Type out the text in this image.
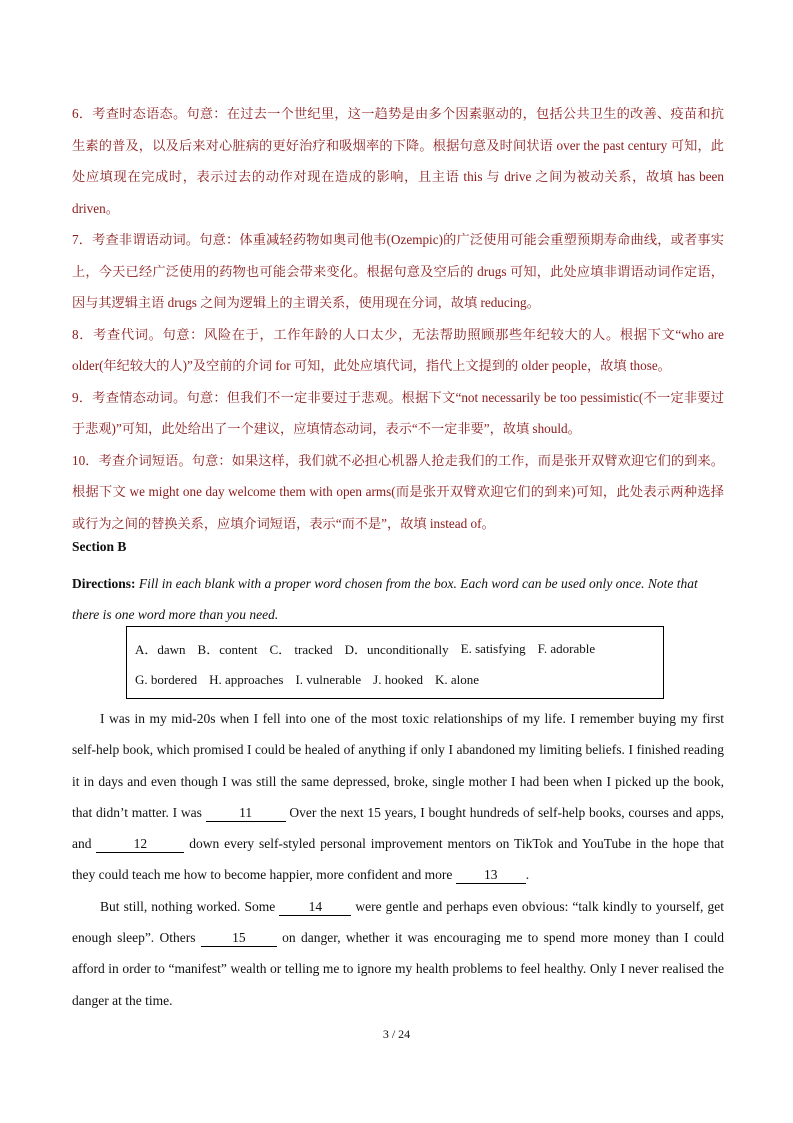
6．考查时态语态。句意：在过去一个世纪里，这一趋势是由多个因素驱动的，包括公共卫生的改善、疫苗和抗生素的普及，以及后来对心脏病的更好治疗和吸烟率的下降。根据句意及时间状语 over the past century 可知，此处应填现在完成时，表示过去的动作对现在造成的影响，且主语 this 与 drive 之间为被动关系，故填 has been driven。
7．考查非谓语动词。句意：体重减轻药物如奥司他韦(Ozempic)的广泛使用可能会重塑预期寿命曲线，或者事实上，今天已经广泛使用的药物也可能会带来变化。根据句意及空后的 drugs 可知，此处应填非谓语动词作定语，因与其逻辑主语 drugs 之间为逻辑上的主谓关系，使用现在分词，故填 reducing。
8．考查代词。句意：风险在于，工作年龄的人口太少，无法帮助照顾那些年纪较大的人。根据下文“who are older(年纪较大的人)”及空前的介词 for 可知，此处应填代词，指代上文提到的 older people，故填 those。
9．考查情态动词。句意：但我们不一定非要过于悲观。根据下文“not necessarily be too pessimistic(不一定非要过于悲观)”可知，此处给出了一个建议，应填情态动词，表示“不一定非要”，故填 should。
10．考查介词短语。句意：如果这样，我们就不必担心机器人抢走我们的工作，而是张开双臂欢迎它们的到来。根据下文 we might one day welcome them with open arms(而是张开双臂欢迎它们的到来)可知，此处表示两种选择或行为之间的替换关系，应填介词短语，表示“而不是”，故填 instead of。
Section B
Directions: Fill in each blank with a proper word chosen from the box. Each word can be used only once. Note that there is one word more than you need.
A．dawn B．content C． tracked D．unconditionally E. satisfying F. adorable
G. bordered H. approaches I. vulnerable J. hooked K. alone

I was in my mid-20s when I fell into one of the most toxic relationships of my life. I remember buying my first self-help book, which promised I could be healed of anything if only I abandoned my limiting beliefs. I finished reading it in days and even though I was still the same depressed, broke, single mother I had been when I picked up the book, that didn’t matter. I was 11 Over the next 15 years, I bought hundreds of self-help books, courses and apps, and	12	down every self-styled personal improvement mentors on TikTok and YouTube in the hope that they could teach me how to become happier, more confident and more 13 .

But still, nothing worked. Some 14 were gentle and perhaps even obvious: “talk kindly to yourself, get enough sleep”. Others 15 on danger, whether it was encouraging me to spend more money than I could afford in order to “manifest” wealth or telling me to ignore my health problems to feel healthy. Only I never realised the danger at the time.

3 / 24
